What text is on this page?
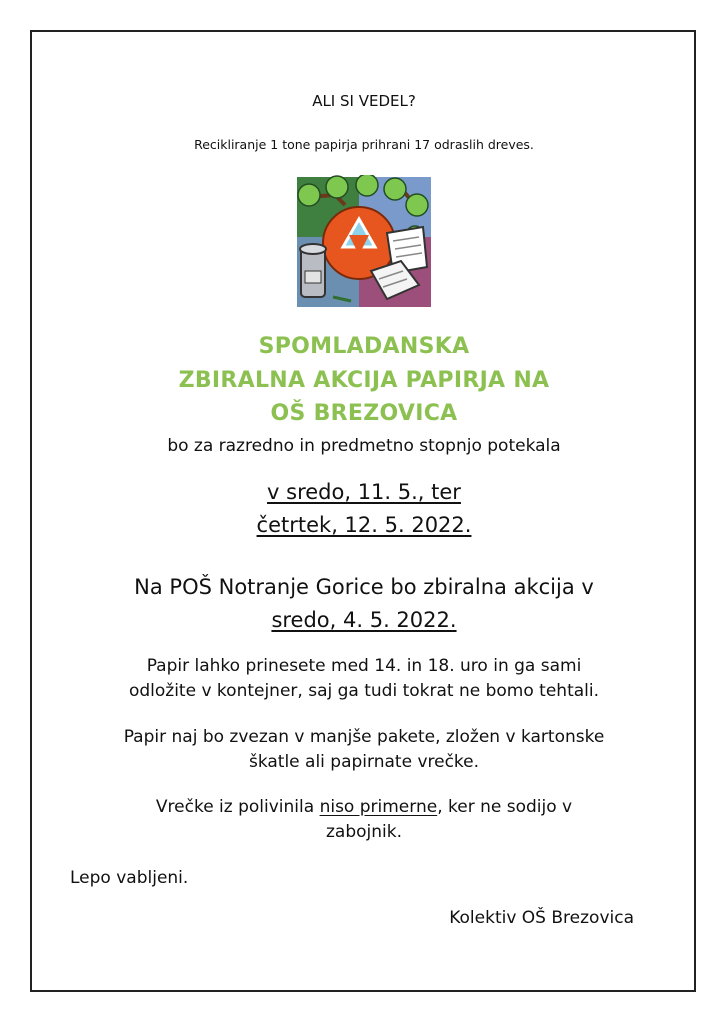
ALI SI VEDEL?
Recikliranje 1 tone papirja prihrani 17 odraslih dreves.
SPOMLADANSKA
ZBIRALNA AKCIJA PAPIRJA NA
OŠ BREZOVICA
bo za razredno in predmetno stopnjo potekala
v sredo, 11. 5., ter
četrtek, 12. 5. 2022.
Na POŠ Notranje Gorice bo zbiralna akcija v
sredo, 4. 5. 2022.
Papir lahko prinesete med 14. in 18. uro in ga sami
odložite v kontejner, saj ga tudi tokrat ne bomo tehtali.
Papir naj bo zvezan v manjše pakete, zložen v kartonske
škatle ali papirnate vrečke.
Vrečke iz polivinila niso primerne, ker ne sodijo v
zabojnik.
Lepo vabljeni.
Kolektiv OŠ Brezovica
